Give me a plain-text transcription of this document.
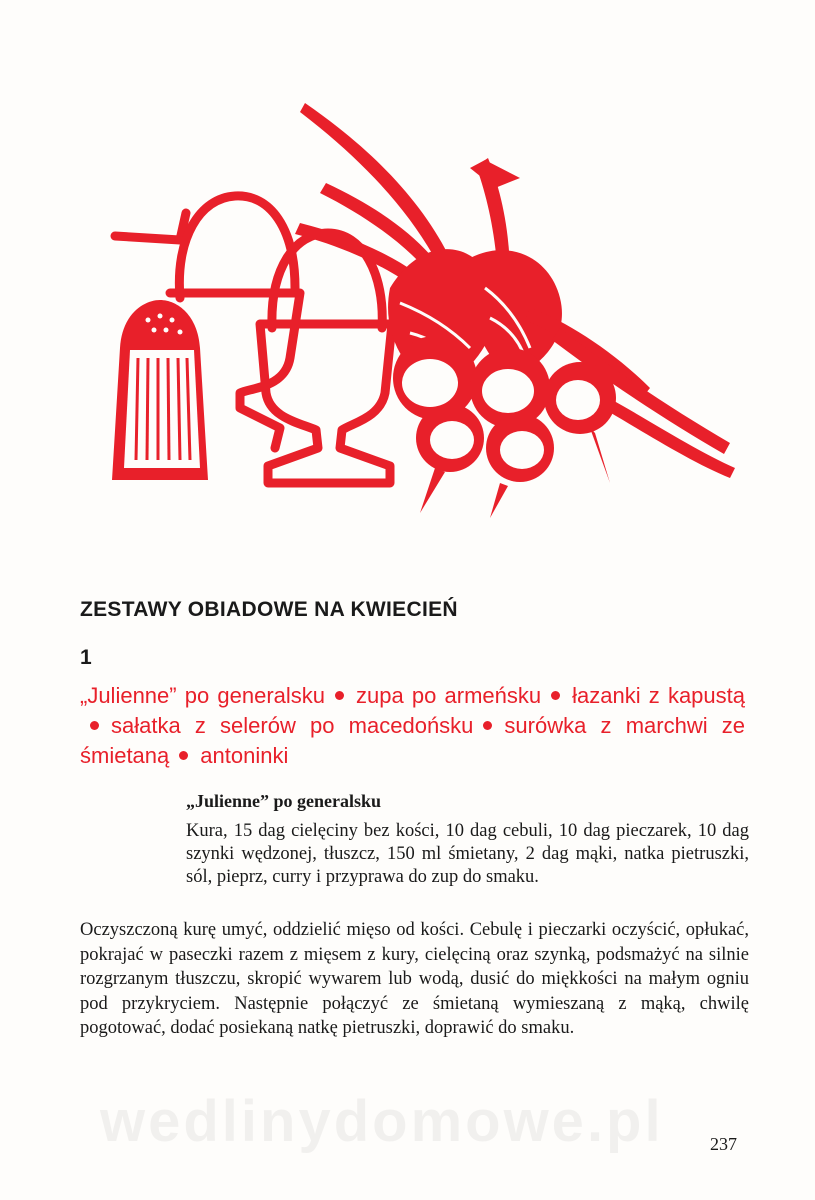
ZESTAWY OBIADOWE NA KWIECIEŃ
1

„Julienne” po generalsku zupa po armeńsku łazanki z kapustąsałatka z selerów po macedońsku surówka z marchwi ze śmietaną antoninki

„Julienne” po generalsku

Kura, 15 dag cielęciny bez kości, 10 dag cebuli, 10 dag pieczarek, 10 dag szynki wędzonej, tłuszcz, 150 ml śmietany, 2 dag mąki, natka pietruszki, sól, pieprz, curry i przyprawa do zup do smaku.

Oczyszczoną kurę umyć, oddzielić mięso od kości. Cebulę i pieczarki oczyścić, opłukać, pokrajać w paseczki razem z mięsem z kury, cielęciną oraz szynką, podsmażyć na silnie rozgrzanym tłuszczu, skropić wywarem lub wodą, dusić do miękkości na małym ogniu pod przykryciem. Następnie połączyć ze śmietaną wymieszaną z mąką, chwilę pogotować, dodać posiekaną natkę pietruszki, doprawić do smaku.

wedlinydomowe.pl	237
